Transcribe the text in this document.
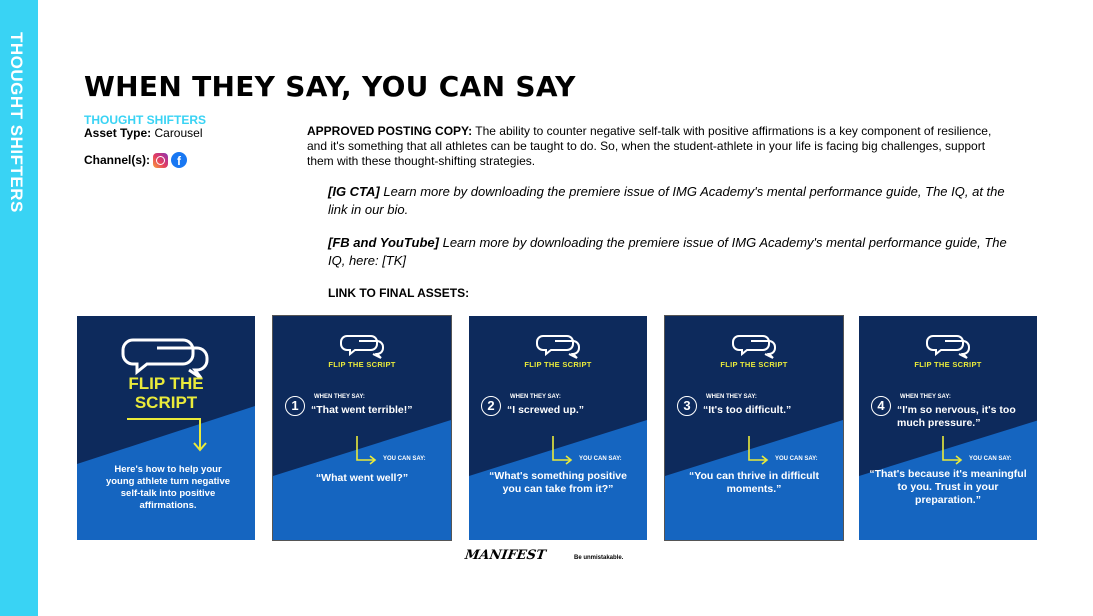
THOUGHT SHIFTERS WHEN THEY SAY, YOU CAN SAY
THOUGHT SHIFTERS
Asset Type: Carousel
Channel(s):	f
APPROVED POSTING COPY: The ability to counter negative self-talk with positive affirmations is a key component of resilience, and it's something that all athletes can be taught to do. So, when the student-athlete in your life is facing big challenges, support them with these thought-shifting strategies.
[IG CTA] Learn more by downloading the premiere issue of IMG Academy's mental performance guide, The IQ, at the link in our bio.
[FB and YouTube] Learn more by downloading the premiere issue of IMG Academy's mental performance guide, The IQ, here: [TK]
LINK TO FINAL ASSETS:
FLIP THE
SCRIPT
Here's how to help your young athlete turn negative self-talk into positive affirmations.
FLIP THE SCRIPT
1
WHEN THEY SAY:
“That went terrible!”
YOU CAN SAY:
“What went well?”
FLIP THE SCRIPT
2
WHEN THEY SAY:
“I screwed up.”
YOU CAN SAY:
“What's something positive you can take from it?”
FLIP THE SCRIPT
3
WHEN THEY SAY:
“It's too difficult.”
YOU CAN SAY:
“You can thrive in difficult moments.”
FLIP THE SCRIPT
4
WHEN THEY SAY:
“I'm so nervous, it's too much pressure.”
YOU CAN SAY:
“That's because it's meaningful to you. Trust in your preparation.”
MANIFEST	Be unmistakable.
